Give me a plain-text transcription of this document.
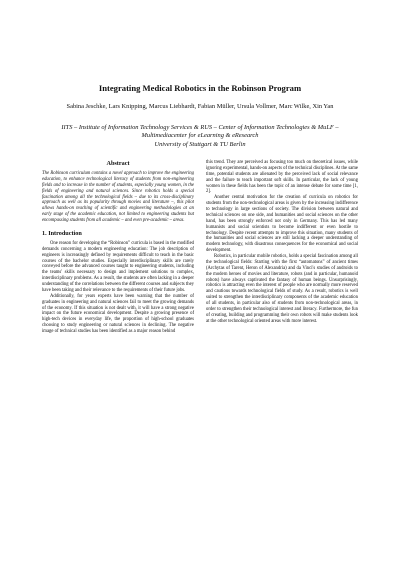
Integrating Medical Robotics in the Robinson Program
Sabina Jeschke, Lars Knipping, Marcus Liebhardt, Fabian Müller, Ursula Vollmer, Marc Wilke, Xin Yan
IITS – Institute of Information Technology Services & RUS – Center of Information Technologies & MuLF – Multimediacenter for eLearning & eResearch
University of Stuttgart & TU Berlin
Abstract

The Robinson curriculum contains a novel approach to improve the engineering education, to enhance technological literacy of students from non-engineering fields and to increase in the number of students, especially young women, in the fields of engineering and natural sciences. Since robotics holds a special fascination among all the technological fields – due to its cross-disciplinary approach as well as its popularity through movies and literature –, this pilot allows hands-on teaching of scientific and engineering methodologies at an early stage of the academic education, not limited to engineering students but encompassing students from all academic – and even pre-academic – areas.

1. Introduction

One reason for developing the “Robinson” curricula is based in the modified demands concerning a modern engineering education: The job description of engineers is increasingly defined by requirements difficult to teach in the basic courses of the bachelor studies. Especially interdisciplinary skills are rarely conveyed before the advanced courses taught to engineering students, including the teams' skills necessary to design and implement solutions to complex, interdisciplinary problems. As a result, the students are often lacking in a deeper understanding of the correlations between the different courses and subjects they have been taking and their relevance to the requirements of their future jobs.

Additionally, for years experts have been warning that the number of graduates in engineering and natural sciences fail to meet the growing demands of the economy. If this situation is not dealt with, it will have a strong negative impact on the future economical development. Despite a growing presence of high-tech devices in everyday life, the proportion of high-school graduates choosing to study engineering or natural sciences in declining. The negative image of technical studies has been identified as a major reason behind

this trend. They are perceived as focusing too much on theoretical issues, while ignoring experimental, hands-on aspects of the technical disciplines. At the same time, potential students are alienated by the perceived lack of social relevance and the failure to teach important soft skills. In particular, the lack of young women in these fields has been the topic of an intense debate for some time [1, 2].

Another central motivation for the creation of curricula on robotics for students from the non-technological areas is given by the increasing indifference to technology in large sections of society. The division between natural and technical sciences on one side, and humanities and social sciences on the other hand, has been strongly enforced not only in Germany. This has led many humanists and social scientists to become indifferent or even hostile to technology. Despite recent attempts to improve this situation, many students of the humanities and social sciences are still lacking a deeper understanding of modern technology, with disastrous consequences for the economical and social development.

Robotics, in particular mobile robotics, holds a special fascination among all the technological fields: Starting with the first “automatons” of ancient times (Archytas of Tarent, Heron of Alexandria) and da Vinci's studies of androids to the modern heroes of movies and literature, robots (and in particular, humanoid robots) have always captivated the fantasy of human beings. Unsurprisingly, robotics is attracting even the interest of people who are normally more reserved and cautious towards technological fields of study. As a result, robotics is well suited to strengthen the interdisciplinary components of the academic education of all students, in particular also of students from non-technological areas, in order to strengthen their technological interest and literacy. Furthermore, the fun of creating, building and programming their own robots will make students look at the other technological oriented areas with more interest.
